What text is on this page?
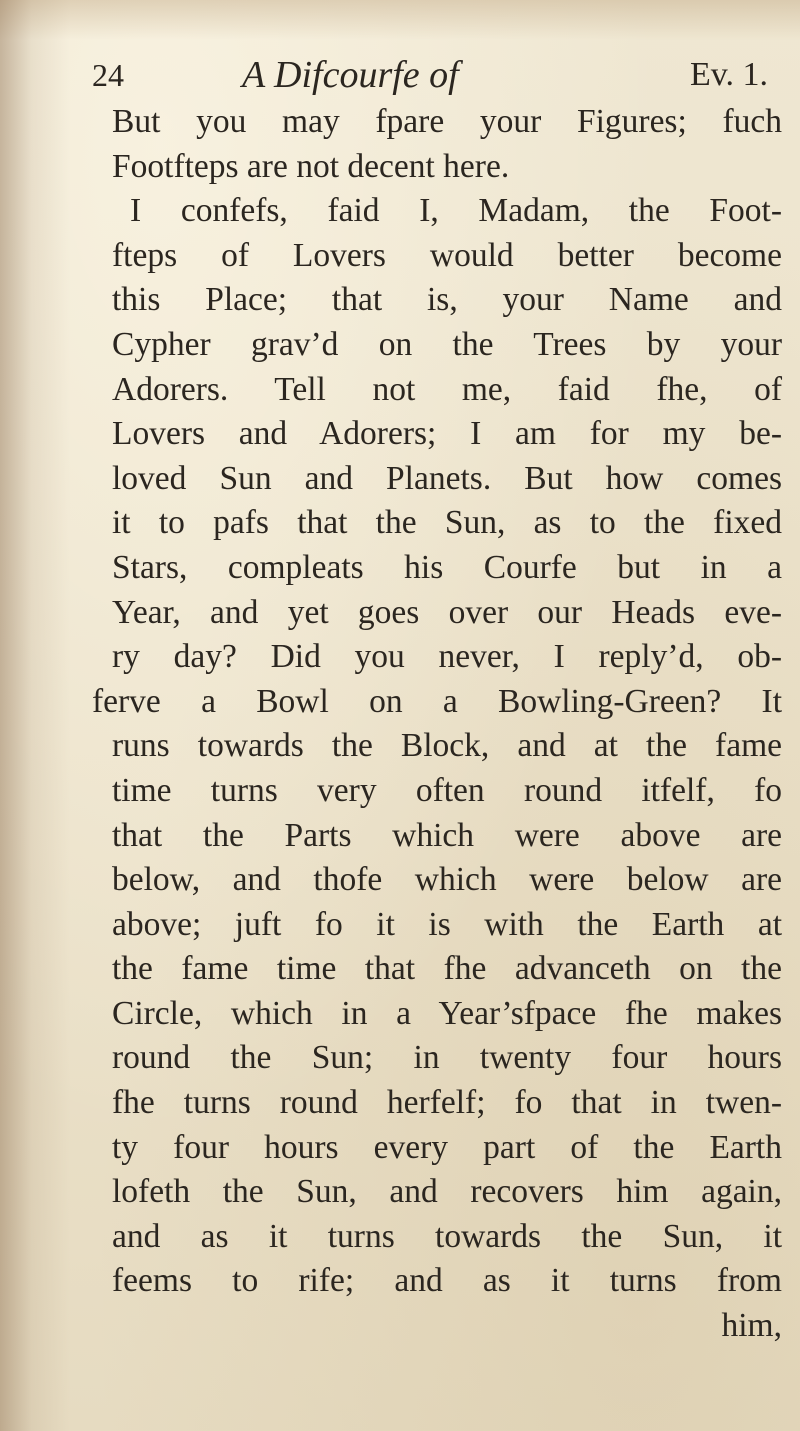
24	A Difcourfe of	Ev. 1.
But you may fpare your Figures; fuch
Footfteps are not decent here.
I confefs, faid I, Madam, the Foot-
fteps of Lovers would better become
this Place; that is, your Name and
Cypher grav’d on the Trees by your
Adorers. Tell not me, faid fhe, of
Lovers and Adorers; I am for my be-
loved Sun and Planets. But how comes
it to pafs that the Sun, as to the fixed
Stars, compleats his Courfe but in a
Year, and yet goes over our Heads eve-
ry day? Did you never, I reply’d, ob-
ferve a Bowl on a Bowling-Green? It
runs towards the Block, and at the fame
time turns very often round itfelf, fo
that the Parts which were above are
below, and thofe which were below are
above; juft fo it is with the Earth at
the fame time that fhe advanceth on the
Circle, which in a Year’sfpace fhe makes
round the Sun; in twenty four hours
fhe turns round herfelf; fo that in twen-
ty four hours every part of the Earth
lofeth the Sun, and recovers him again,
and as it turns towards the Sun, it
feems to rife; and as it turns from
him,
